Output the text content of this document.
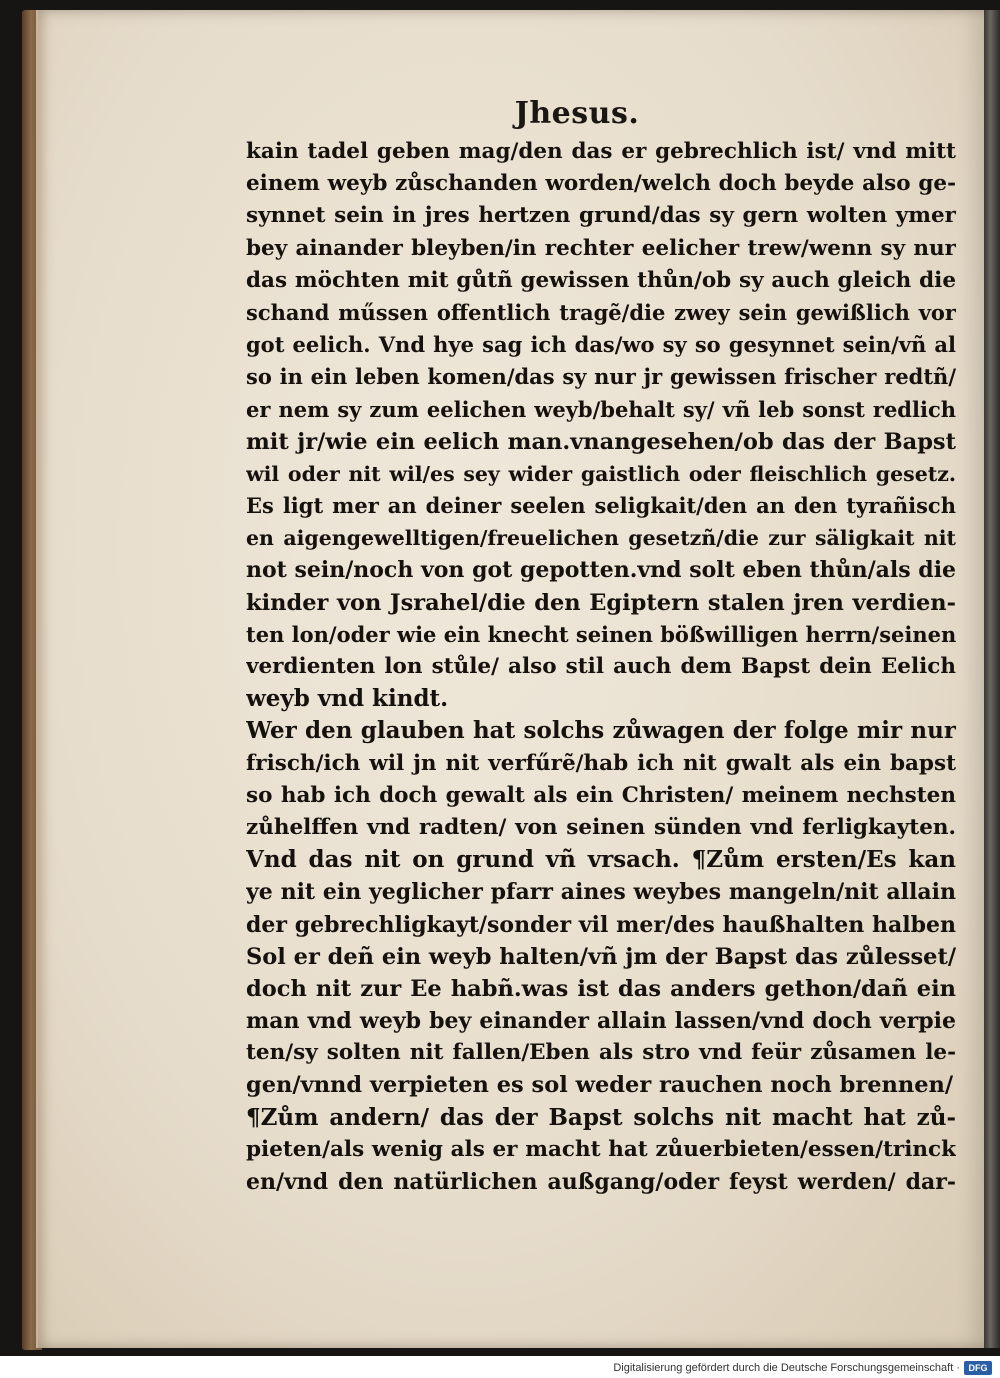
Jhesus.
kain tadel geben mag/den das er gebrechlich ist/ vnd mitt
einem weyb zůschanden worden/welch doch beyde also ge‑
synnet sein in jres hertzen grund/das sy gern wolten ymer
bey ainander bleyben/in rechter eelicher trew/wenn sy nur
das möchten mit gůtñ gewissen thůn/ob sy auch gleich die
schand műssen offentlich tragẽ/die zwey sein gewißlich vor
got eelich. Vnd hye sag ich das/wo sy so gesynnet sein/vñ al
so in ein leben komen/das sy nur jr gewissen frischer redtñ/
er nem sy zum eelichen weyb/behalt sy/ vñ leb sonst redlich
mit jr/wie ein eelich man.vnangesehen/ob das der Bapst
wil oder nit wil/es sey wider gaistlich oder fleischlich gesetz.
Es ligt mer an deiner seelen seligkait/den an den tyrañisch
en aigengewelltigen/freuelichen gesetzñ/die zur säligkait nit
not sein/noch von got gepotten.vnd solt eben thůn/als die
kinder von Jsrahel/die den Egiptern stalen jren verdien‑
ten lon/oder wie ein knecht seinen bößwilligen herrn/seinen
verdienten lon stůle/ also stil auch dem Bapst dein Eelich
weyb vnd kindt.
Wer den glauben hat solchs zůwagen der folge mir nur
frisch/ich wil jn nit verfűrẽ/hab ich nit gwalt als ein bapst
so hab ich doch gewalt als ein Christen/ meinem nechsten
zůhelffen vnd radten/ von seinen sünden vnd ferligkayten.
Vnd das nit on grund vñ vrsach. ¶Zům ersten/Es kan
ye nit ein yeglicher pfarr aines weybes mangeln/nit allain
der gebrechligkayt/sonder vil mer/des haußhalten halben
Sol er deñ ein weyb halten/vñ jm der Bapst das zůlesset/
doch nit zur Ee habñ.was ist das anders gethon/dañ ein
man vnd weyb bey einander allain lassen/vnd doch verpie
ten/sy solten nit fallen/Eben als stro vnd feür zůsamen le‑
gen/vnnd verpieten es sol weder rauchen noch brennen/
¶Zům andern/ das der Bapst solchs nit macht hat zů‑
pieten/als wenig als er macht hat zůuerbieten/essen/trinck
en/vnd den natürlichen außgang/oder feyst werden/ dar‑
Digitalisierung gefördert durch die Deutsche Forschungsgemeinschaft · DFG
